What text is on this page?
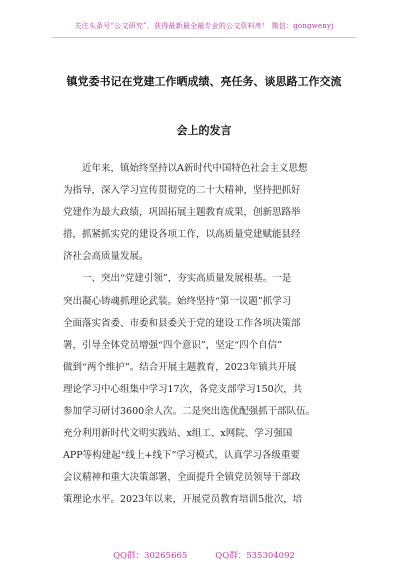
关注头条号“公文研究”，获得最新最全最专业的公文资料库！ 微信：gongwenyj
镇党委书记在党建工作晒成绩、亮任务、谈思路工作交流
会上的发言
近年来，镇始终坚持以A新时代中国特色社会主义思想
为指导，深入学习宣传贯彻党的二十大精神，坚持把抓好
党建作为最大政绩，巩固拓展主题教育成果，创新思路举
措，抓紧抓实党的建设各项工作，以高质量党建赋能县经
济社会高质量发展。
一、突出“党建引领”，夯实高质量发展根基。一是
突出凝心铸魂抓理论武装。始终坚持“第一议题”抓学习
全面落实省委、市委和县委关于党的建设工作各项决策部
署，引导全体党员增强“四个意识”，坚定“四个自信”
做到“两个维护”。结合开展主题教育，2023年镇共开展
理论学习中心组集中学习17次，各党支部学习150次，共
参加学习研讨3600余人次。二是突出选优配强抓干部队伍。
充分利用新时代文明实践站、x组工、x网院、学习强国
APP等构建起“线上+线下”学习模式，认真学习各级重要
会议精神和重大决策部署，全面提升全镇党员领导干部政
策理论水平。2023年以来，开展党员教育培训5批次，培
QQ群：30265665	QQ群：535304092
